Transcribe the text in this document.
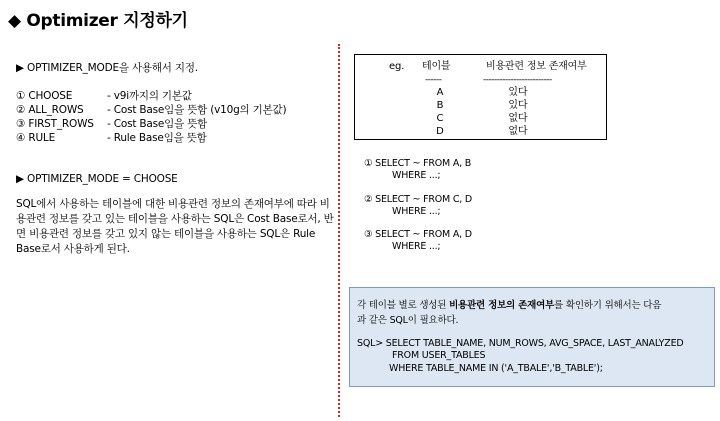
◆ Optimizer 지정하기
▶ OPTIMIZER_MODE을 사용해서 지정.
① CHOOSE	- v9i까지의 기본값
② ALL_ROWS - Cost Base임을 뜻함 (v10g의 기본값)
③ FIRST_ROWS - Cost Base임을 뜻함
④ RULE	- Rule Base임을 뜻함
▶ OPTIMIZER_MODE = CHOOSE
SQL에서 사용하는 테이블에 대한 비용관련 정보의 존재여부에 따라 비용관련 정보를 갖고 있는 테이블을 사용하는 SQL은 Cost Base로서, 반면 비용관련 정보를 갖고 있지 않는 테이블을 사용하는 SQL은 Rule Base로서 사용하게 된다.
eg. 테이블	비용관련 정보 존재여부
------	-------------------------
A	있다
B	있다
C	없다
D	없다
① SELECT ~ FROM A, B
WHERE ...;
② SELECT ~ FROM C, D
WHERE ...;
③ SELECT ~ FROM A, D
WHERE ...;
각 테이블 별로 생성된 비용관련 정보의 존재여부를 확인하기 위해서는 다음
과 같은 SQL이 필요하다.
SQL> SELECT TABLE_NAME, NUM_ROWS, AVG_SPACE, LAST_ANALYZED
FROM USER_TABLES
WHERE TABLE_NAME IN ('A_TBALE','B_TABLE');
